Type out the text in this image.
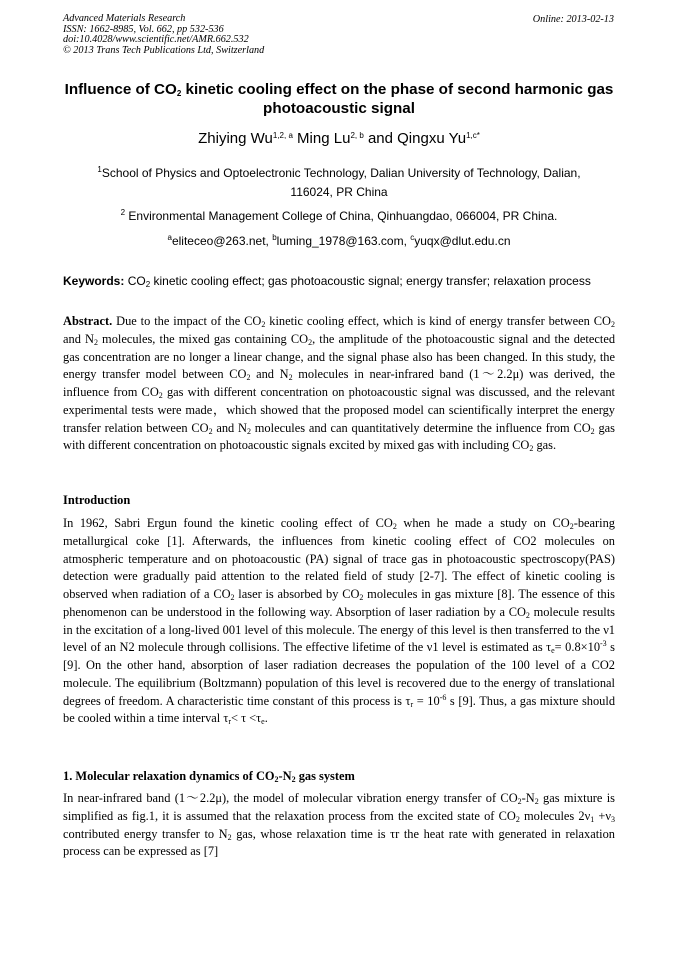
Advanced Materials Research
ISSN: 1662-8985, Vol. 662, pp 532-536
doi:10.4028/www.scientific.net/AMR.662.532
© 2013 Trans Tech Publications Ltd, Switzerland
Online: 2013-02-13
Influence of $CO_2$ kinetic cooling effect on the phase of second harmonic gas photoacoustic signal
Zhiying Wu$^{1,2, a}$ Ming Lu$^{2, b}$ and Qingxu $Yu^{1,c*}$
$^1$School of Physics and Optoelectronic Technology, Dalian University of Technology, Dalian, 116024, PR China
$^2$ Environmental Management College of China, Qinhuangdao, 066004, PR China.
$^a$eliteceo@263.net, $^b$luming_1978@163.com, $^c$yuqx@dlut.edu.cn
Keywords: $CO_2$ kinetic cooling effect; gas photoacoustic signal; energy transfer; relaxation process
Abstract. Due to the impact of the $CO_2$ kinetic cooling effect, which is kind of energy transfer between $CO_2$ and $N_2$ molecules, the mixed gas containing $CO_2$, the amplitude of the photoacoustic signal and the detected gas concentration are no longer a linear change, and the signal phase also has been changed. In this study, the energy transfer model between $CO_2$ and $N_2$ molecules in near-infrared band (1～2.2μ) was derived, the influence from $CO_2$ gas with different concentration on photoacoustic signal was discussed, and the relevant experimental tests were made，which showed that the proposed model can scientifically interpret the energy transfer relation between $CO_2$ and $N_2$ molecules and can quantitatively determine the influence from $CO_2$ gas with different concentration on photoacoustic signals excited by mixed gas with including $CO_2$ gas.
Introduction
In 1962, Sabri Ergun found the kinetic cooling effect of $CO_2$ when he made a study on $CO_2$-bearing metallurgical coke [1]. Afterwards, the influences from kinetic cooling effect of CO2 molecules on atmospheric temperature and on photoacoustic (PA) signal of trace gas in photoacoustic spectroscopy(PAS) detection were gradually paid attention to the related field of study [2-7]. The effect of kinetic cooling is observed when radiation of a $CO_2$ laser is absorbed by $CO_2$ molecules in gas mixture [8]. The essence of this phenomenon can be understood in the following way. Absorption of laser radiation by a $CO_2$ molecule results in the excitation of a long-lived 001 level of this molecule. The energy of this level is then transferred to the ν1 level of an N2 molecule through collisions. The effective lifetime of the ν1 level is estimated as $\tau_e= 0.8\times 10^{-3}$ s [9]. On the other hand, absorption of laser radiation decreases the population of the 100 level of a CO2 molecule. The equilibrium (Boltzmann) population of this level is recovered due to the energy of translational degrees of freedom. A characteristic time constant of this process is $\tau_r = 10^{-6}$ s [9]. Thus, a gas mixture should be cooled within a time interval $\tau_r< \tau <\tau_e$.
1. Molecular relaxation dynamics of $CO_2-N_2$ gas system
In near-infrared band (1～2.2μ), the model of molecular vibration energy transfer of $CO_2-N_2$ gas mixture is simplified as fig.1, it is assumed that the relaxation process from the excited state of $CO_2$ molecules $2\nu_1 +\nu_3$ contributed energy transfer to $N_2$ gas, whose relaxation time is τr the heat rate with generated in relaxation process can be expressed as [7]
